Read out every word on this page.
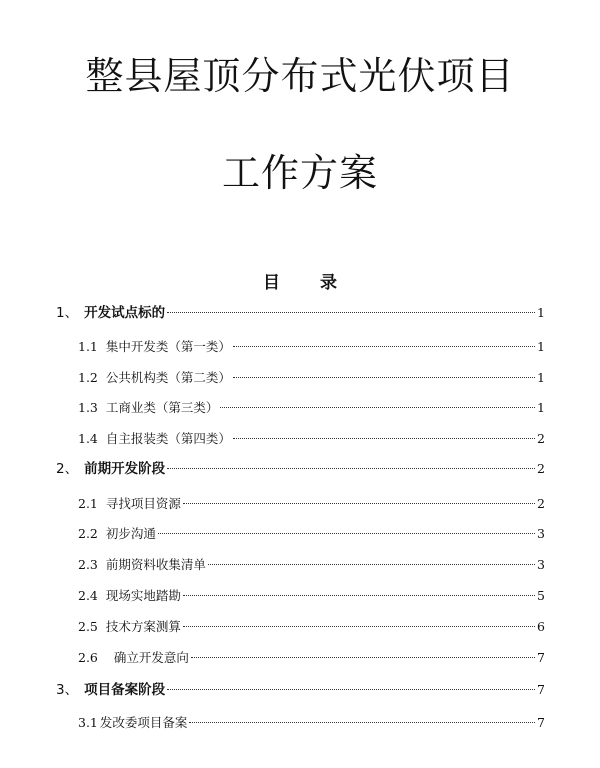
整县屋顶分布式光伏项目
工作方案
目录
1、 开发试点标的	1
1.1 集中开发类（第一类）	1
1.2 公共机构类（第二类）	1
1.3 工商业类（第三类）	1
1.4 自主报装类（第四类）	2
2、 前期开发阶段	2
2.1 寻找项目资源	2
2.2 初步沟通	3
2.3 前期资料收集清单	3
2.4 现场实地踏勘	5
2.5 技术方案测算	6
2.6 确立开发意向	7
3、 项目备案阶段	7
3.1 发改委项目备案	7
